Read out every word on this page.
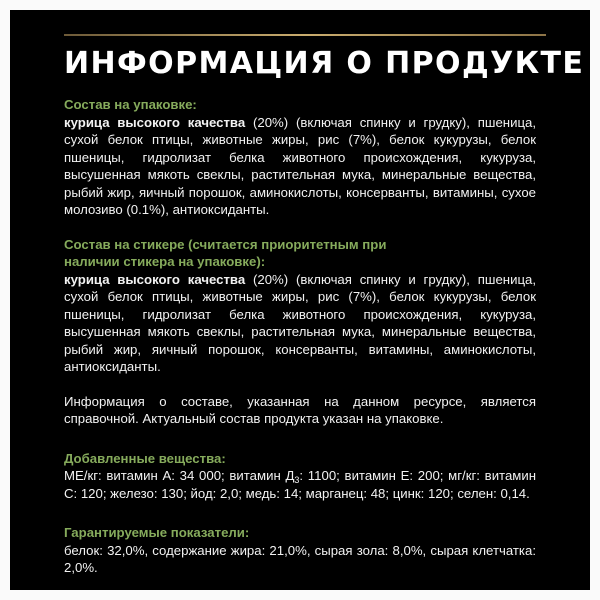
ИНФОРМАЦИЯ О ПРОДУКТЕ

Состав на упаковке:

курица высокого качества (20%) (включая спинку и грудку), пшеница, сухой белок птицы, животные жиры, рис (7%), белок кукурузы, белок пшеницы, гидролизат белка животного происхождения, кукуруза, высушенная мякоть свеклы, растительная мука, минеральные вещества, рыбий жир, яичный порошок, аминокислоты, консерванты, витамины, сухое молозиво (0.1%), антиоксиданты.

Состав на стикере (считается приоритетным при наличии стикера на упаковке):

курица высокого качества (20%) (включая спинку и грудку), пшеница, сухой белок птицы, животные жиры, рис (7%), белок кукурузы, белок пшеницы, гидролизат белка животного происхождения, кукуруза, высушенная мякоть свеклы, растительная мука, минеральные вещества, рыбий жир, яичный порошок, консерванты, витамины, аминокислоты, антиоксиданты.

Информация о составе, указанная на данном ресурсе, является справочной. Актуальный состав продукта указан на упаковке.

Добавленные вещества:

МЕ/кг: витамин А: 34 000; витамин $Д_3$: 1100; витамин Е: 200; мг/кг: витамин С: 120; железо: 130; йод: 2,0; медь: 14; марганец: 48; цинк: 120; селен: 0,14.

Гарантируемые показатели:

белок: 32,0%, содержание жира: 21,0%, сырая зола: 8,0%, сырая клетчатка: 2,0%.
